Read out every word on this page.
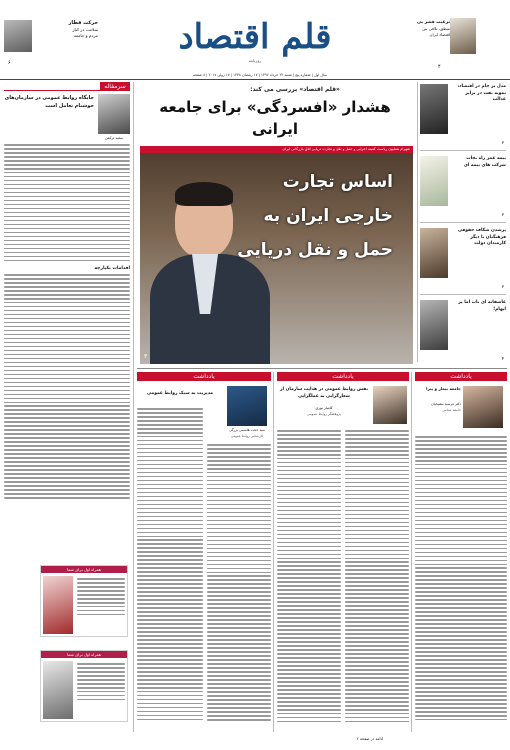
حرکت قطار
سلامت در کنار
مردم و جامعه
۶
قلم اقتصاد
روزنامه
ترغیب قشر بی
منطق، تلاقی بین
اقتصاد ایران
۴
سال اول | شماره پنج | شنبه ۲۲ خرداد ۱۳۹۶ | ۱۷ رمضان ۱۴۳۸ | ۱۷ ژوئن ۲۰۱۷ | ۸ صفحه
سرمقاله
جایگاه روابط عمومی در سازمان‌های خوشنام تعامل است
سعید ترکمن
اقدامات یکپارچه
همراه اول برای شما
همراه اول برای شما
«قلم اقتصاد» بررسی می کند:
هشدار «افسردگی» برای جامعه ایرانی
شهرام همایون ریاست کمیته اجرایی و حمل و نقل و تجارت دریایی اتاق بازرگانی ایران
اساس تجارت
خارجی ایران به
حمل و نقل دریایی
۳
مدل بر جام در اقتصاد، نمونه نفت در برابر عدالت
۲
بیمه عمر راه نجات شرکت های بیمه ای
۲
پرشدن شکاف حقوقی فرهنگیان با دیگر کارمندان دولت
۲
عاشقانه ای ناب اما پر ابهام!
۴
یادداشت
جامعه بیمار و پیرا
دکتر فرشید مشیخیان
جامعه شناس
یادداشت
نقش روابط عمومی در هدایت سازمان از شعارگرایی به عملگرایی
کامیار نوری
پژوهشگر روابط عمومی
یادداشت
مدیریت به سبک روابط عمومی
سید حجت هاشمی بزرگی
کارشناس روابط عمومی
ادامه در صفحه ۲
